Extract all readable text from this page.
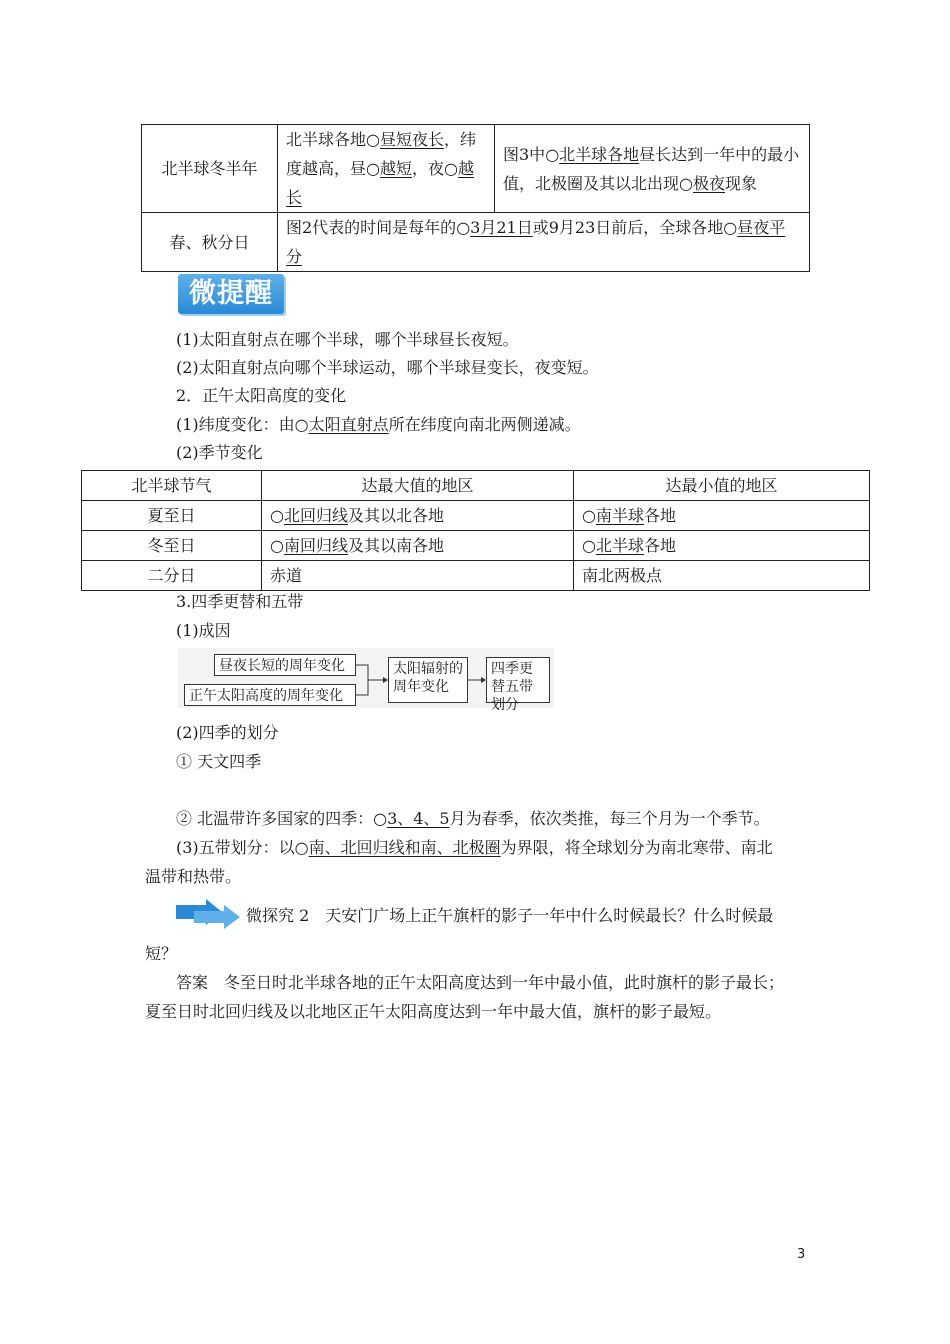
北半球冬半年	北半球各地○昼短夜长，纬度越高，昼○越短，夜○越长	图3中○北半球各地昼长达到一年中的最小值，北极圈及其以北出现○极夜现象
春、秋分日	图2代表的时间是每年的○3月21日或9月23日前后，全球各地○昼夜平分	
微提醒
(1)太阳直射点在哪个半球，哪个半球昼长夜短。
(2)太阳直射点向哪个半球运动，哪个半球昼变长，夜变短。
2．正午太阳高度的变化
(1)纬度变化：由○太阳直射点所在纬度向南北两侧递减。
(2)季节变化
北半球节气	达最大值的地区	达最小值的地区
夏至日	○北回归线及其以北各地	○南半球各地
冬至日	○南回归线及其以南各地	○北半球各地
二分日	赤道	南北两极点
3.四季更替和五带
(1)成因
昼夜长短的周年变化
正午太阳高度的周年变化
太阳辐射的周年变化
四季更替五带划分
(2)四季的划分
① 天文四季
② 北温带许多国家的四季：○3、4、5月为春季，依次类推，每三个月为一个季节。
(3)五带划分：以○南、北回归线和南、北极圈为界限，将全球划分为南北寒带、南北
温带和热带。
微探究 2　天安门广场上正午旗杆的影子一年中什么时候最长？什么时候最
短？
答案　冬至日时北半球各地的正午太阳高度达到一年中最小值，此时旗杆的影子最长；
夏至日时北回归线及以北地区正午太阳高度达到一年中最大值，旗杆的影子最短。
3
